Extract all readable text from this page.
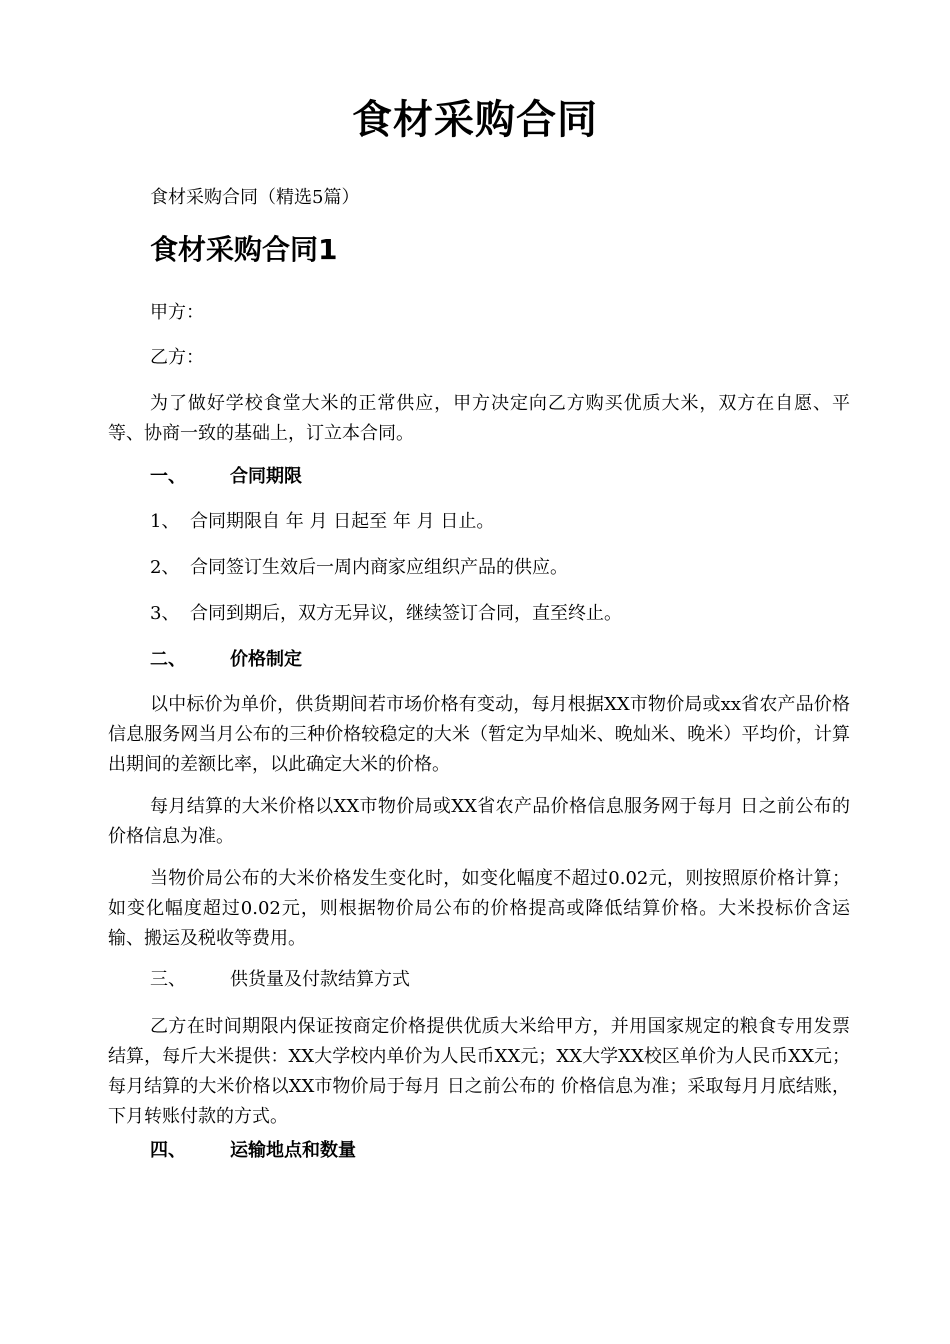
食材采购合同

食材采购合同（精选5篇）

食材采购合同1

甲方：

乙方：

为了做好学校食堂大米的正常供应，甲方决定向乙方购买优质大米，双方在自愿、平等、协商一致的基础上，订立本合同。

一、 合同期限

1、 合同期限自 年 月 日起至 年 月 日止。

2、 合同签订生效后一周内商家应组织产品的供应。

3、 合同到期后，双方无异议，继续签订合同，直至终止。

二、 价格制定

以中标价为单价，供货期间若市场价格有变动，每月根据XX市物价局或xx省农产品价格信息服务网当月公布的三种价格较稳定的大米（暂定为早灿米、晚灿米、晚米）平均价，计算出期间的差额比率，以此确定大米的价格。

每月结算的大米价格以XX市物价局或XX省农产品价格信息服务网于每月 日之前公布的价格信息为准。

当物价局公布的大米价格发生变化时，如变化幅度不超过0.02元，则按照原价格计算；如变化幅度超过0.02元，则根据物价局公布的价格提高或降低结算价格。大米投标价含运输、搬运及税收等费用。

三、 供货量及付款结算方式

乙方在时间期限内保证按商定价格提供优质大米给甲方，并用国家规定的粮食专用发票结算，每斤大米提供：XX大学校内单价为人民币XX元；XX大学XX校区单价为人民币XX元；每月结算的大米价格以XX市物价局于每月 日之前公布的 价格信息为准；采取每月月底结账，下月转账付款的方式。

四、 运输地点和数量
